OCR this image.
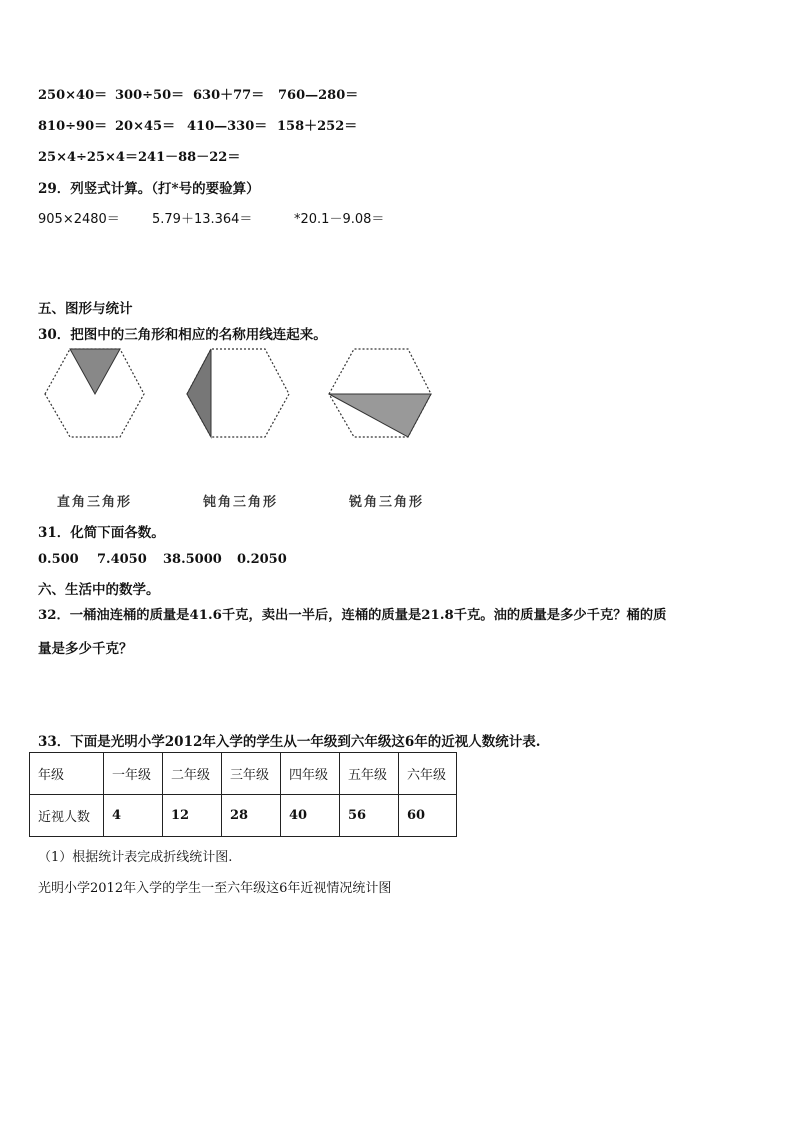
250×40＝ 300÷50＝ 630＋77＝ 760—280＝
810÷90＝ 20×45＝ 410—330＝ 158＋252＝
25×4÷25×4＝ 241－88－22＝
29．列竖式计算。（打*号的要验算）
905×2480＝ 5.79＋13.364＝	*20.1－9.08＝
五、图形与统计
30．把图中的三角形和相应的名称用线连起来。
直角三角形	钝角三角形	锐角三角形
31．化简下面各数。
0.500 7.4050 38.5000 0.2050
六、生活中的数学。
32．一桶油连桶的质量是41.6千克，卖出一半后，连桶的质量是21.8千克。油的质量是多少千克？桶的质
量是多少千克？
33．下面是光明小学2012年入学的学生从一年级到六年级这6年的近视人数统计表.
年级	一年级	二年级	三年级	四年级	五年级	六年级
近视人数	4	12	28	40	56	60
（1）根据统计表完成折线统计图.
光明小学2012年入学的学生一至六年级这6年近视情况统计图
